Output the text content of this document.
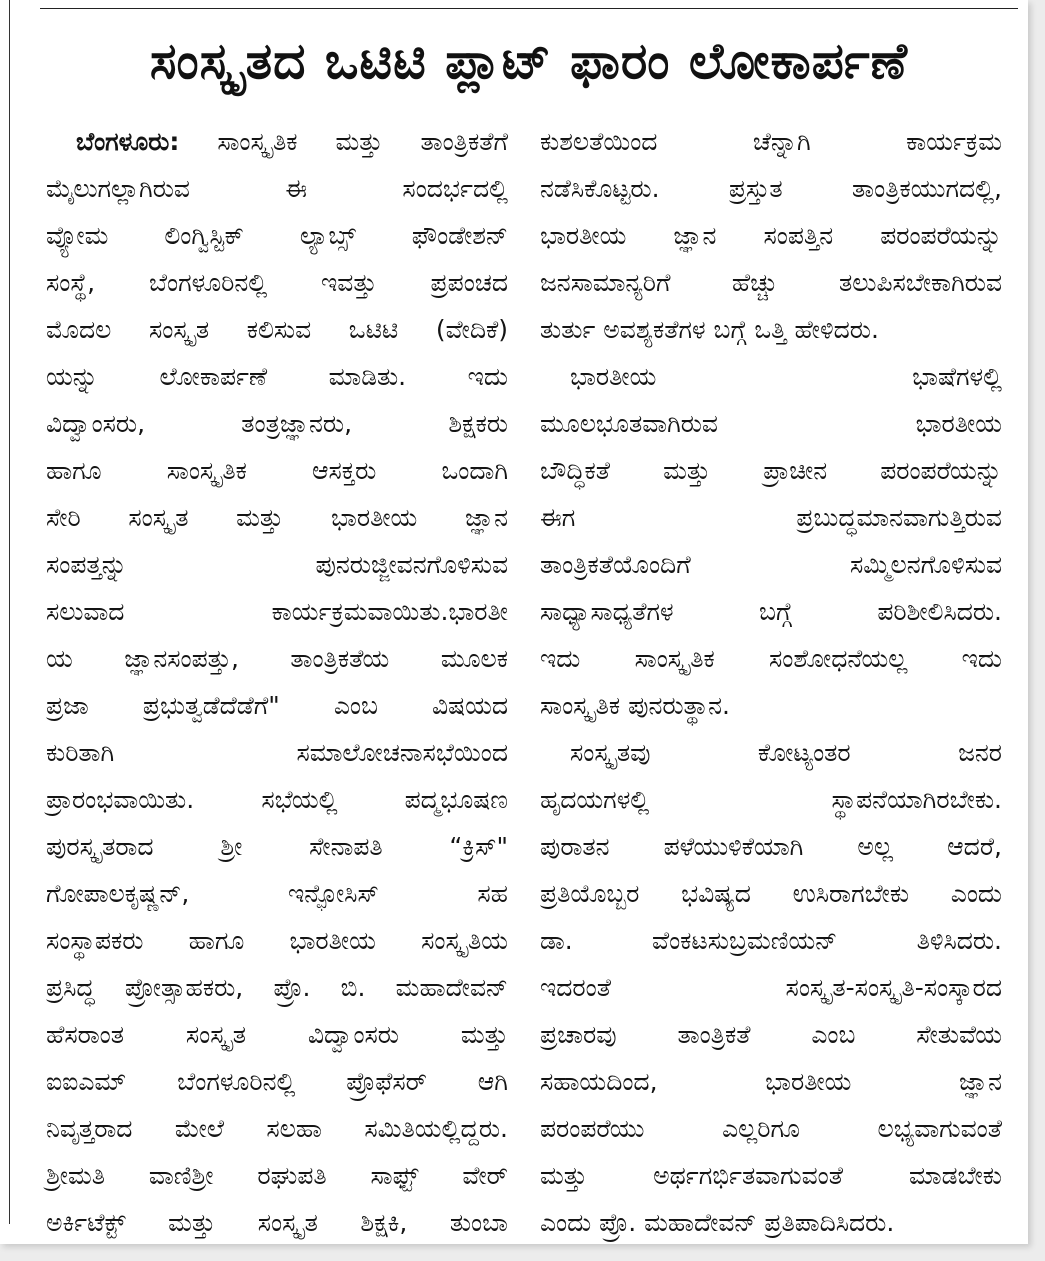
ಸಂಸ್ಕೃತದ ಒಟಿಟಿ ಪ್ಲಾಟ್ ಫಾರಂ ಲೋಕಾರ್ಪಣೆ
ಬೆಂಗಳೂರು: ಸಾಂಸ್ಕೃತಿಕ ಮತ್ತು ತಾಂತ್ರಿಕತೆಗೆ
ಮೈಲುಗಲ್ಲಾಗಿರುವ ಈ ಸಂದರ್ಭದಲ್ಲಿ
ವ್ಯೋಮ ಲಿಂಗ್ವಿಸ್ಟಿಕ್ ಲ್ಯಾಬ್ಸ್ ಫೌಂಡೇಶನ್
ಸಂಸ್ಥೆ, ಬೆಂಗಳೂರಿನಲ್ಲಿ ಇವತ್ತು ಪ್ರಪಂಚದ
ಮೊದಲ ಸಂಸ್ಕೃತ ಕಲಿಸುವ ಒಟಿಟಿ (ವೇದಿಕೆ)
ಯನ್ನು ಲೋಕಾರ್ಪಣೆ ಮಾಡಿತು. ಇದು
ವಿದ್ವಾಂಸರು, ತಂತ್ರಜ್ಞಾನರು, ಶಿಕ್ಷಕರು
ಹಾಗೂ ಸಾಂಸ್ಕೃತಿಕ ಆಸಕ್ತರು ಒಂದಾಗಿ
ಸೇರಿ ಸಂಸ್ಕೃತ ಮತ್ತು ಭಾರತೀಯ ಜ್ಞಾನ
ಸಂಪತ್ತನ್ನು ಪುನರುಜ್ಜೀವನಗೊಳಿಸುವ
ಸಲುವಾದ ಕಾರ್ಯಕ್ರಮವಾಯಿತು.ಭಾರತೀ
ಯ ಜ್ಞಾನಸಂಪತ್ತು, ತಾಂತ್ರಿಕತೆಯ ಮೂಲಕ
ಪ್ರಜಾ ಪ್ರಭುತ್ವಡೆದೆಡೆಗೆ" ಎಂಬ ವಿಷಯದ
ಕುರಿತಾಗಿ ಸಮಾಲೋಚನಾಸಭೆಯಿಂದ
ಪ್ರಾರಂಭವಾಯಿತು. ಸಭೆಯಲ್ಲಿ ಪದ್ಮಭೂಷಣ
ಪುರಸ್ಕೃತರಾದ ಶ್ರೀ ಸೇನಾಪತಿ “ಕ್ರಿಸ್"
ಗೋಪಾಲಕೃಷ್ಣನ್, ಇನ್ಫೋಸಿಸ್ ಸಹ
ಸಂಸ್ಥಾಪಕರು ಹಾಗೂ ಭಾರತೀಯ ಸಂಸ್ಕೃತಿಯ
ಪ್ರಸಿದ್ಧ ಪ್ರೋತ್ಸಾಹಕರು, ಪ್ರೊ. ಬಿ. ಮಹಾದೇವನ್
ಹೆಸರಾಂತ ಸಂಸ್ಕೃತ ವಿದ್ವಾಂಸರು ಮತ್ತು
ಐಐಎಮ್ ಬೆಂಗಳೂರಿನಲ್ಲಿ ಪ್ರೊಫೆಸರ್ ಆಗಿ
ನಿವೃತ್ತರಾದ ಮೇಲೆ ಸಲಹಾ ಸಮಿತಿಯಲ್ಲಿದ್ದರು.
ಶ್ರೀಮತಿ ವಾಣಿಶ್ರೀ ರಘುಪತಿ ಸಾಫ್ಟ್ ವೇರ್
ಅರ್ಕಿಟೆಕ್ಟ್ ಮತ್ತು ಸಂಸ್ಕೃತ ಶಿಕ್ಷಕಿ, ತುಂಬಾ
ಕುಶಲತೆಯಿಂದ ಚೆನ್ನಾಗಿ ಕಾರ್ಯಕ್ರಮ
ನಡೆಸಿಕೊಟ್ಟರು. ಪ್ರಸ್ತುತ ತಾಂತ್ರಿಕಯುಗದಲ್ಲಿ,
ಭಾರತೀಯ ಜ್ಞಾನ ಸಂಪತ್ತಿನ ಪರಂಪರೆಯನ್ನು
ಜನಸಾಮಾನ್ಯರಿಗೆ ಹೆಚ್ಚು ತಲುಪಿಸಬೇಕಾಗಿರುವ
ತುರ್ತು ಅವಶ್ಯಕತೆಗಳ ಬಗ್ಗೆ ಒತ್ತಿ ಹೇಳಿದರು.
ಭಾರತೀಯ ಭಾಷೆಗಳಲ್ಲಿ
ಮೂಲಭೂತವಾಗಿರುವ ಭಾರತೀಯ
ಬೌದ್ಧಿಕತೆ ಮತ್ತು ಪ್ರಾಚೀನ ಪರಂಪರೆಯನ್ನು
ಈಗ ಪ್ರಬುದ್ಧಮಾನವಾಗುತ್ತಿರುವ
ತಾಂತ್ರಿಕತೆಯೊಂದಿಗೆ ಸಮ್ಮಿಲನಗೊಳಿಸುವ
ಸಾಧ್ಯಾಸಾಧ್ಯತೆಗಳ ಬಗ್ಗೆ ಪರಿಶೀಲಿಸಿದರು.
ಇದು ಸಾಂಸ್ಕೃತಿಕ ಸಂಶೋಧನೆಯಲ್ಲ ಇದು
ಸಾಂಸ್ಕೃತಿಕ ಪುನರುತ್ಥಾನ.
ಸಂಸ್ಕೃತವು ಕೋಟ್ಯಂತರ ಜನರ
ಹೃದಯಗಳಲ್ಲಿ ಸ್ಥಾಪನೆಯಾಗಿರಬೇಕು.
ಪುರಾತನ ಪಳೆಯುಳಿಕೆಯಾಗಿ ಅಲ್ಲ ಆದರೆ,
ಪ್ರತಿಯೊಬ್ಬರ ಭವಿಷ್ಯದ ಉಸಿರಾಗಬೇಕು ಎಂದು
ಡಾ. ವೆಂಕಟಸುಬ್ರಮಣಿಯನ್ ತಿಳಿಸಿದರು.
ಇದರಂತೆ ಸಂಸ್ಕೃತ-ಸಂಸ್ಕೃತಿ-ಸಂಸ್ಕಾರದ
ಪ್ರಚಾರವು ತಾಂತ್ರಿಕತೆ ಎಂಬ ಸೇತುವೆಯ
ಸಹಾಯದಿಂದ, ಭಾರತೀಯ ಜ್ಞಾನ
ಪರಂಪರೆಯು ಎಲ್ಲರಿಗೂ ಲಭ್ಯವಾಗುವಂತೆ
ಮತ್ತು ಅರ್ಥಗರ್ಭಿತವಾಗುವಂತೆ ಮಾಡಬೇಕು
ಎಂದು ಪ್ರೊ. ಮಹಾದೇವನ್ ಪ್ರತಿಪಾದಿಸಿದರು.
